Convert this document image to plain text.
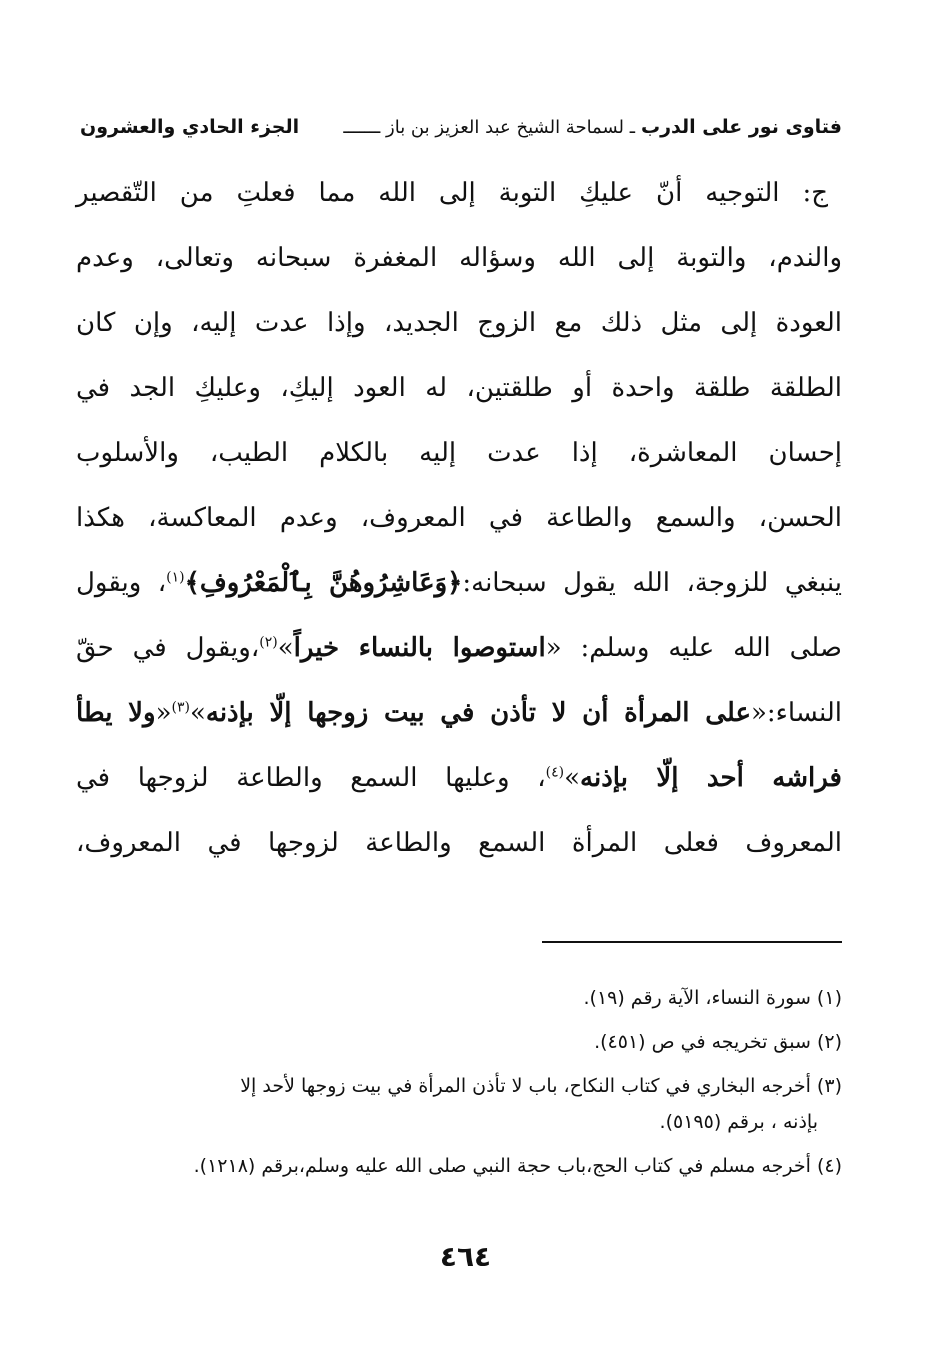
فتاوى نور على الدرب
ـ لسماحة الشيخ عبد العزيز بن باز ـــــــ
الجزء الحادي والعشرون
ج: التوجيه أنّ عليكِ التوبة إلى الله مما فعلتِ من التّقصير
والندم، والتوبة إلى الله وسؤاله المغفرة سبحانه وتعالى، وعدم
العودة إلى مثل ذلك مع الزوج الجديد، وإذا عدت إليه، وإن كان
الطلقة طلقة واحدة أو طلقتين، له العود إليكِ، وعليكِ الجد في
إحسان المعاشرة، إذا عدت إليه بالكلام الطيب، والأسلوب
الحسن، والسمع والطاعة في المعروف، وعدم المعاكسة، هكذا
ينبغي للزوجة، الله يقول سبحانه:﴿وَعَاشِرُوهُنَّ بِٱلْمَعْرُوفِ﴾$^{(١)}$، ويقول
صلى الله عليه وسلم: «استوصوا بالنساء خيراً»$^{(٢)}$،ويقول في حقّ
النساء:«على المرأة أن لا تأذن في بيت زوجها إلّا بإذنه»$^{(٣)}$«ولا يطأ
فراشه أحد إلّا بإذنه»$^{(٤)}$، وعليها السمع والطاعة لزوجها في
المعروف فعلى المرأة السمع والطاعة لزوجها في المعروف،
(١) سورة النساء، الآية رقم (١٩).
(٢) سبق تخريجه في ص (٤٥١).
(٣) أخرجه البخاري في كتاب النكاح، باب لا تأذن المرأة في بيت زوجها لأحد إلا
بإذنه ، برقم (٥١٩٥).
(٤) أخرجه مسلم في كتاب الحج،باب حجة النبي صلى الله عليه وسلم،برقم (١٢١٨).
٤٦٤
